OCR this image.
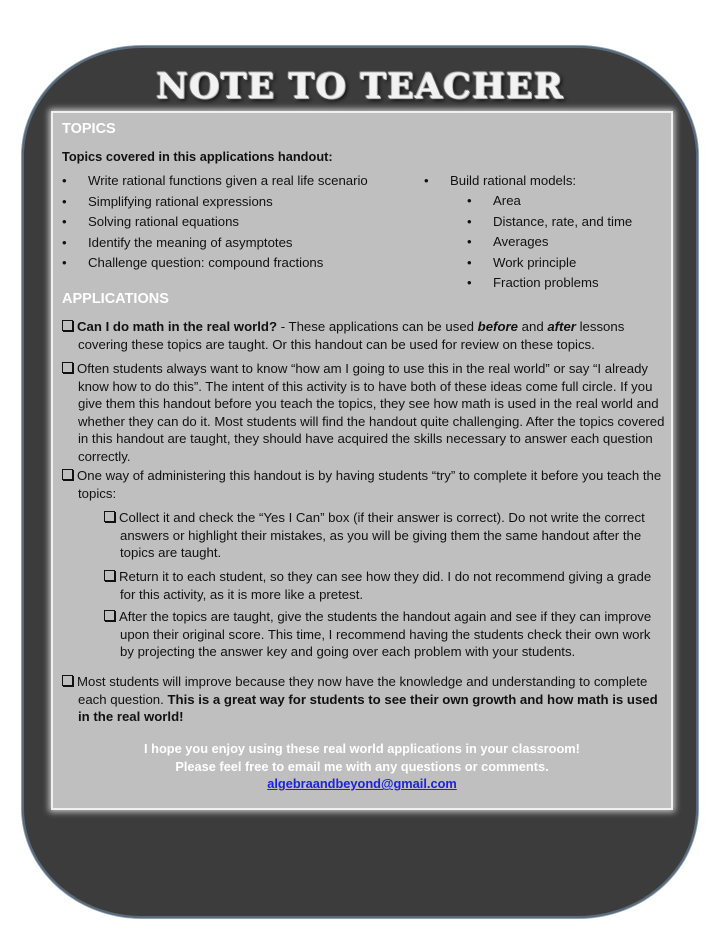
NOTE TO TEACHER
TOPICS
Topics covered in this applications handout:
• Write rational functions given a real life scenario
• Simplifying rational expressions
• Solving rational equations
• Identify the meaning of asymptotes
• Challenge question: compound fractions
• Build rational models:
• Area
• Distance, rate, and time
• Averages
• Work principle
• Fraction problems
APPLICATIONS

Can I do math in the real world? - These applications can be used before and after lessons covering these topics are taught. Or this handout can be used for review on these topics.

Often students always want to know “how am I going to use this in the real world” or say “I already know how to do this”. The intent of this activity is to have both of these ideas come full circle. If you give them this handout before you teach the topics, they see how math is used in the real world and whether they can do it. Most students will find the handout quite challenging. After the topics covered in this handout are taught, they should have acquired the skills necessary to answer each question correctly.

One way of administering this handout is by having students “try” to complete it before you teach the topics:

Collect it and check the “Yes I Can” box (if their answer is correct). Do not write the correct answers or highlight their mistakes, as you will be giving them the same handout after the topics are taught.

Return it to each student, so they can see how they did. I do not recommend giving a grade for this activity, as it is more like a pretest.

After the topics are taught, give the students the handout again and see if they can improve upon their original score. This time, I recommend having the students check their own work by projecting the answer key and going over each problem with your students.

Most students will improve because they now have the knowledge and understanding to complete each question. This is a great way for students to see their own growth and how math is used in the real world!

I hope you enjoy using these real world applications in your classroom!
Please feel free to email me with any questions or comments.
algebraandbeyond@gmail.com
